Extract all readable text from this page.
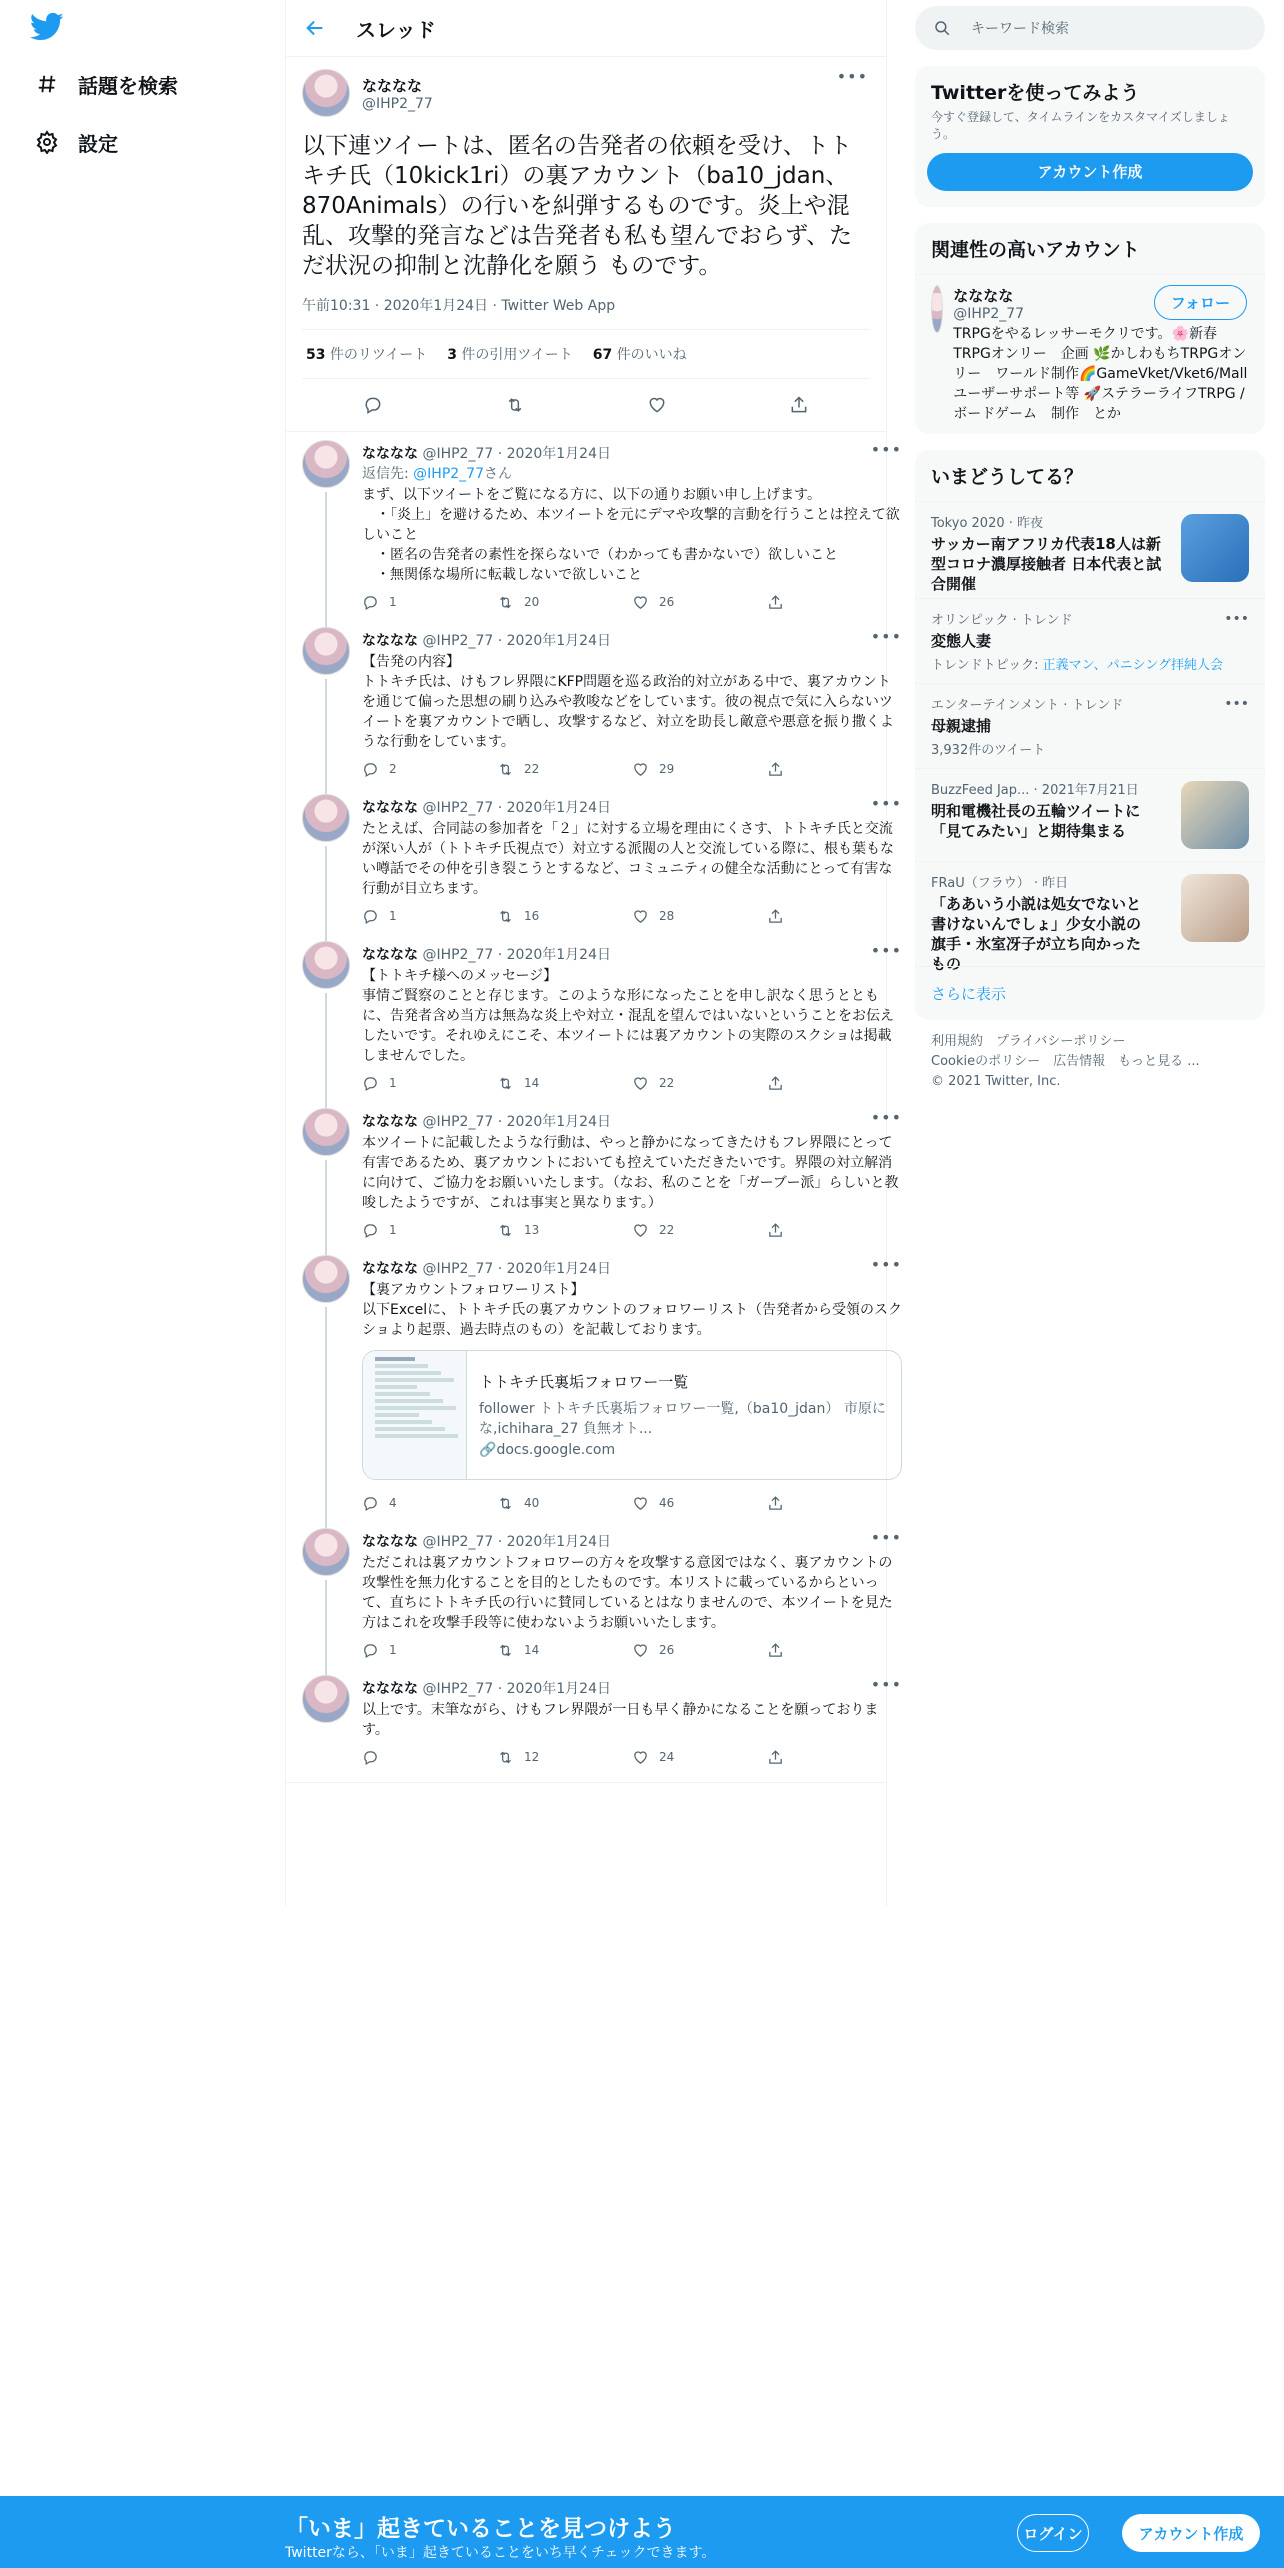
話題を検索
設定
スレッド
なななな
@IHP2_77
•••
以下連ツイートは、匿名の告発者の依頼を受け、トトキチ氏（10kick1ri）の裏アカウント（ba10_jdan、870Animals）の行いを糾弾するものです。炎上や混乱、攻撃的発言などは告発者も私も望んでおらず、ただ状況の抑制と沈静化を願う ものです。
午前10:31 · 2020年1月24日 · Twitter Web App
53 件のリツイート 3 件の引用ツイート 67 件のいいね
なななな @IHP2_77 · 2020年1月24日	•••
返信先: @IHP2_77さん
まず、以下ツイートをご覧になる方に、以下の通りお願い申し上げます。
　・「炎上」を避けるため、本ツイートを元にデマや攻撃的言動を行うことは控えて欲しいこと
　・匿名の告発者の素性を探らないで（わかっても書かないで）欲しいこと
　・無関係な場所に転載しないで欲しいこと
1	20	26
なななな @IHP2_77 · 2020年1月24日	•••
【告発の内容】
トトキチ氏は、けもフレ界隈にKFP問題を巡る政治的対立がある中で、裏アカウントを通じて偏った思想の刷り込みや教唆などをしています。彼の視点で気に入らないツイートを裏アカウントで晒し、攻撃するなど、対立を助長し敵意や悪意を振り撒くような行動をしています。
2	22	29
なななな @IHP2_77 · 2020年1月24日	•••
たとえば、合同誌の参加者を「２」に対する立場を理由にくさす、トトキチ氏と交流が深い人が（トトキチ氏視点で）対立する派閥の人と交流している際に、根も葉もない噂話でその仲を引き裂こうとするなど、コミュニティの健全な活動にとって有害な行動が目立ちます。
1	16	28
なななな @IHP2_77 · 2020年1月24日	•••
【トトキチ様へのメッセージ】
事情ご賢察のことと存じます。このような形になったことを申し訳なく思うとともに、告発者含め当方は無為な炎上や対立・混乱を望んではいないということをお伝えしたいです。それゆえにこそ、本ツイートには裏アカウントの実際のスクショは掲載しませんでした。
1	14	22
なななな @IHP2_77 · 2020年1月24日	•••
本ツイートに記載したような行動は、やっと静かになってきたけもフレ界隈にとって有害であるため、裏アカウントにおいても控えていただきたいです。界隈の対立解消に向けて、ご協力をお願いいたします。（なお、私のことを「ガーブー派」らしいと教唆したようですが、これは事実と異なります。）
1	13	22
なななな @IHP2_77 · 2020年1月24日	•••
【裏アカウントフォロワーリスト】
以下Excelに、トトキチ氏の裏アカウントのフォロワーリスト（告発者から受領のスクショより起票、過去時点のもの）を記載しております。
トトキチ氏裏垢フォロワー一覧
follower トトキチ氏裏垢フォロワー一覧,（ba10_jdan） 市原にな,ichihara_27 負無オト...
🔗docs.google.com
4	40	46
なななな @IHP2_77 · 2020年1月24日	•••
ただこれは裏アカウントフォロワーの方々を攻撃する意図ではなく、裏アカウントの攻撃性を無力化することを目的としたものです。本リストに載っているからといって、直ちにトトキチ氏の行いに賛同しているとはなりませんので、本ツイートを見た方はこれを攻撃手段等に使わないようお願いいたします。
1	14	26
なななな @IHP2_77 · 2020年1月24日	•••
以上です。末筆ながら、けもフレ界隈が一日も早く静かになることを願っております。
12	24
キーワード検索
Twitterを使ってみよう
今すぐ登録して、タイムラインをカスタマイズしましょう。
アカウント作成
関連性の高いアカウント
なななな
@IHP2_77
TRPGをやるレッサーモクリです。🌸新春TRPGオンリー　企画 🌿かしわもちTRPGオンリー　ワールド制作🌈GameVket/Vket6/Mall　ユーザーサポート等 🚀ステラーライフTRPG / ボードゲーム　制作　とか
フォロー
いまどうしてる？
Tokyo 2020 · 昨夜
サッカー南アフリカ代表18人は新型コロナ濃厚接触者 日本代表と試合開催
オリンピック · トレンド
変態人妻
トレンドトピック: 正義マン、パニシング拝純人会
•••
エンターテインメント · トレンド
母親逮捕
3,932件のツイート
•••
BuzzFeed Jap... · 2021年7月21日
明和電機社長の五輪ツイートに「見てみたい」と期待集まる
FRaU（フラウ） · 昨日
「ああいう小説は処女でないと書けないんでしょ」少女小説の旗手・氷室冴子が立ち向かったもの
さらに表示
利用規約　プライバシーポリシー
Cookieのポリシー　広告情報　もっと見る ...
© 2021 Twitter, Inc.
「いま」起きていることを見つけよう
Twitterなら、「いま」起きていることをいち早くチェックできます。
ログイン	アカウント作成
